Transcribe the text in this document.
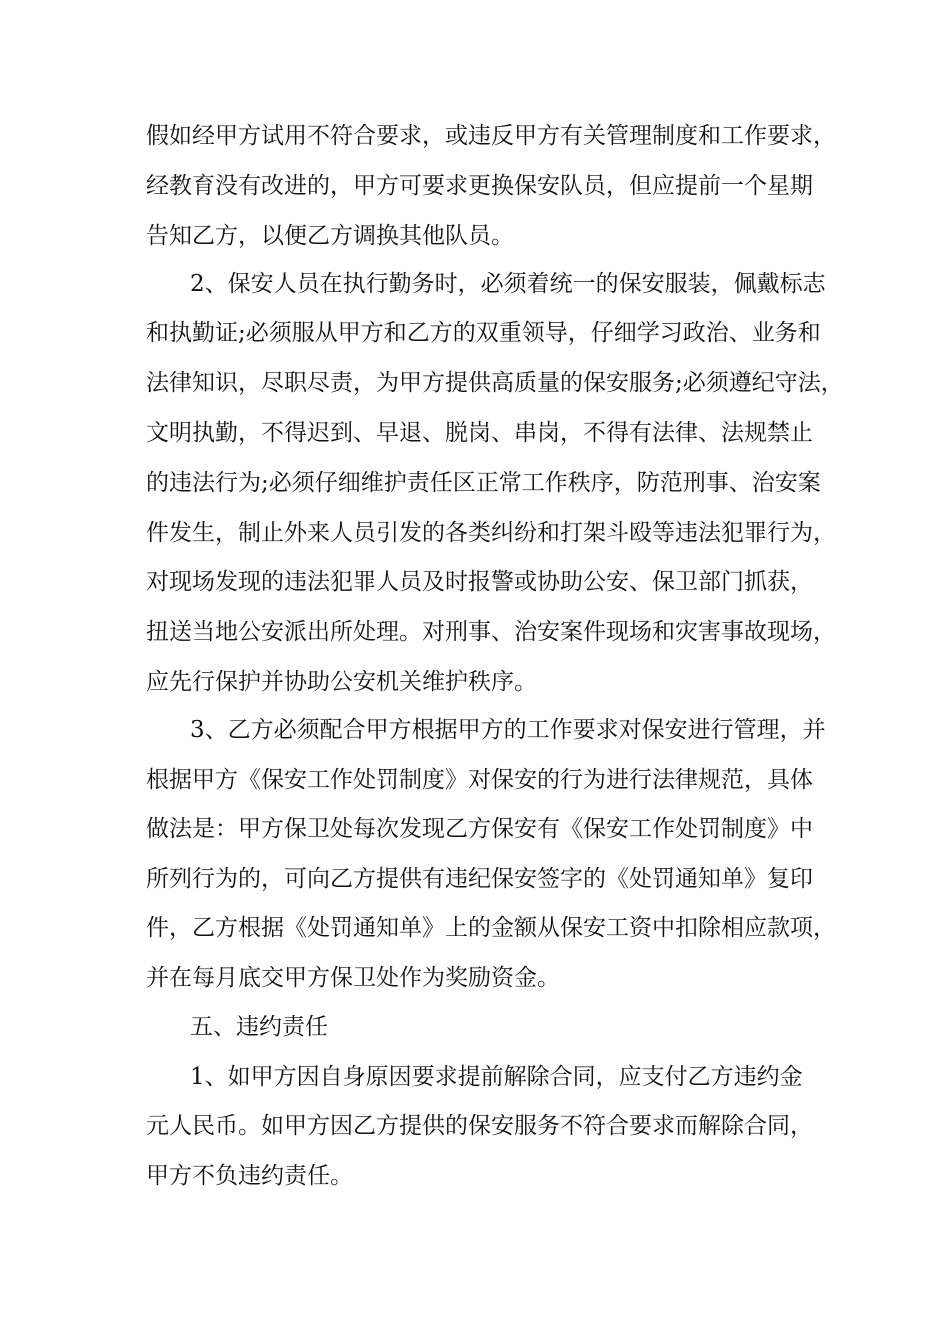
假如经甲方试用不符合要求，或违反甲方有关管理制度和工作要求，
经教育没有改进的，甲方可要求更换保安队员，但应提前一个星期
告知乙方，以便乙方调换其他队员。
2、保安人员在执行勤务时，必须着统一的保安服装，佩戴标志
和执勤证;必须服从甲方和乙方的双重领导，仔细学习政治、业务和
法律知识，尽职尽责，为甲方提供高质量的保安服务;必须遵纪守法，
文明执勤，不得迟到、早退、脱岗、串岗，不得有法律、法规禁止
的违法行为;必须仔细维护责任区正常工作秩序，防范刑事、治安案
件发生，制止外来人员引发的各类纠纷和打架斗殴等违法犯罪行为，
对现场发现的违法犯罪人员及时报警或协助公安、保卫部门抓获，
扭送当地公安派出所处理。对刑事、治安案件现场和灾害事故现场，
应先行保护并协助公安机关维护秩序。
3、乙方必须配合甲方根据甲方的工作要求对保安进行管理，并
根据甲方《保安工作处罚制度》对保安的行为进行法律规范，具体
做法是：甲方保卫处每次发现乙方保安有《保安工作处罚制度》中
所列行为的，可向乙方提供有违纪保安签字的《处罚通知单》复印
件，乙方根据《处罚通知单》上的金额从保安工资中扣除相应款项，
并在每月底交甲方保卫处作为奖励资金。
五、违约责任
1、如甲方因自身原因要求提前解除合同，应支付乙方违约金
元人民币。如甲方因乙方提供的保安服务不符合要求而解除合同，
甲方不负违约责任。
